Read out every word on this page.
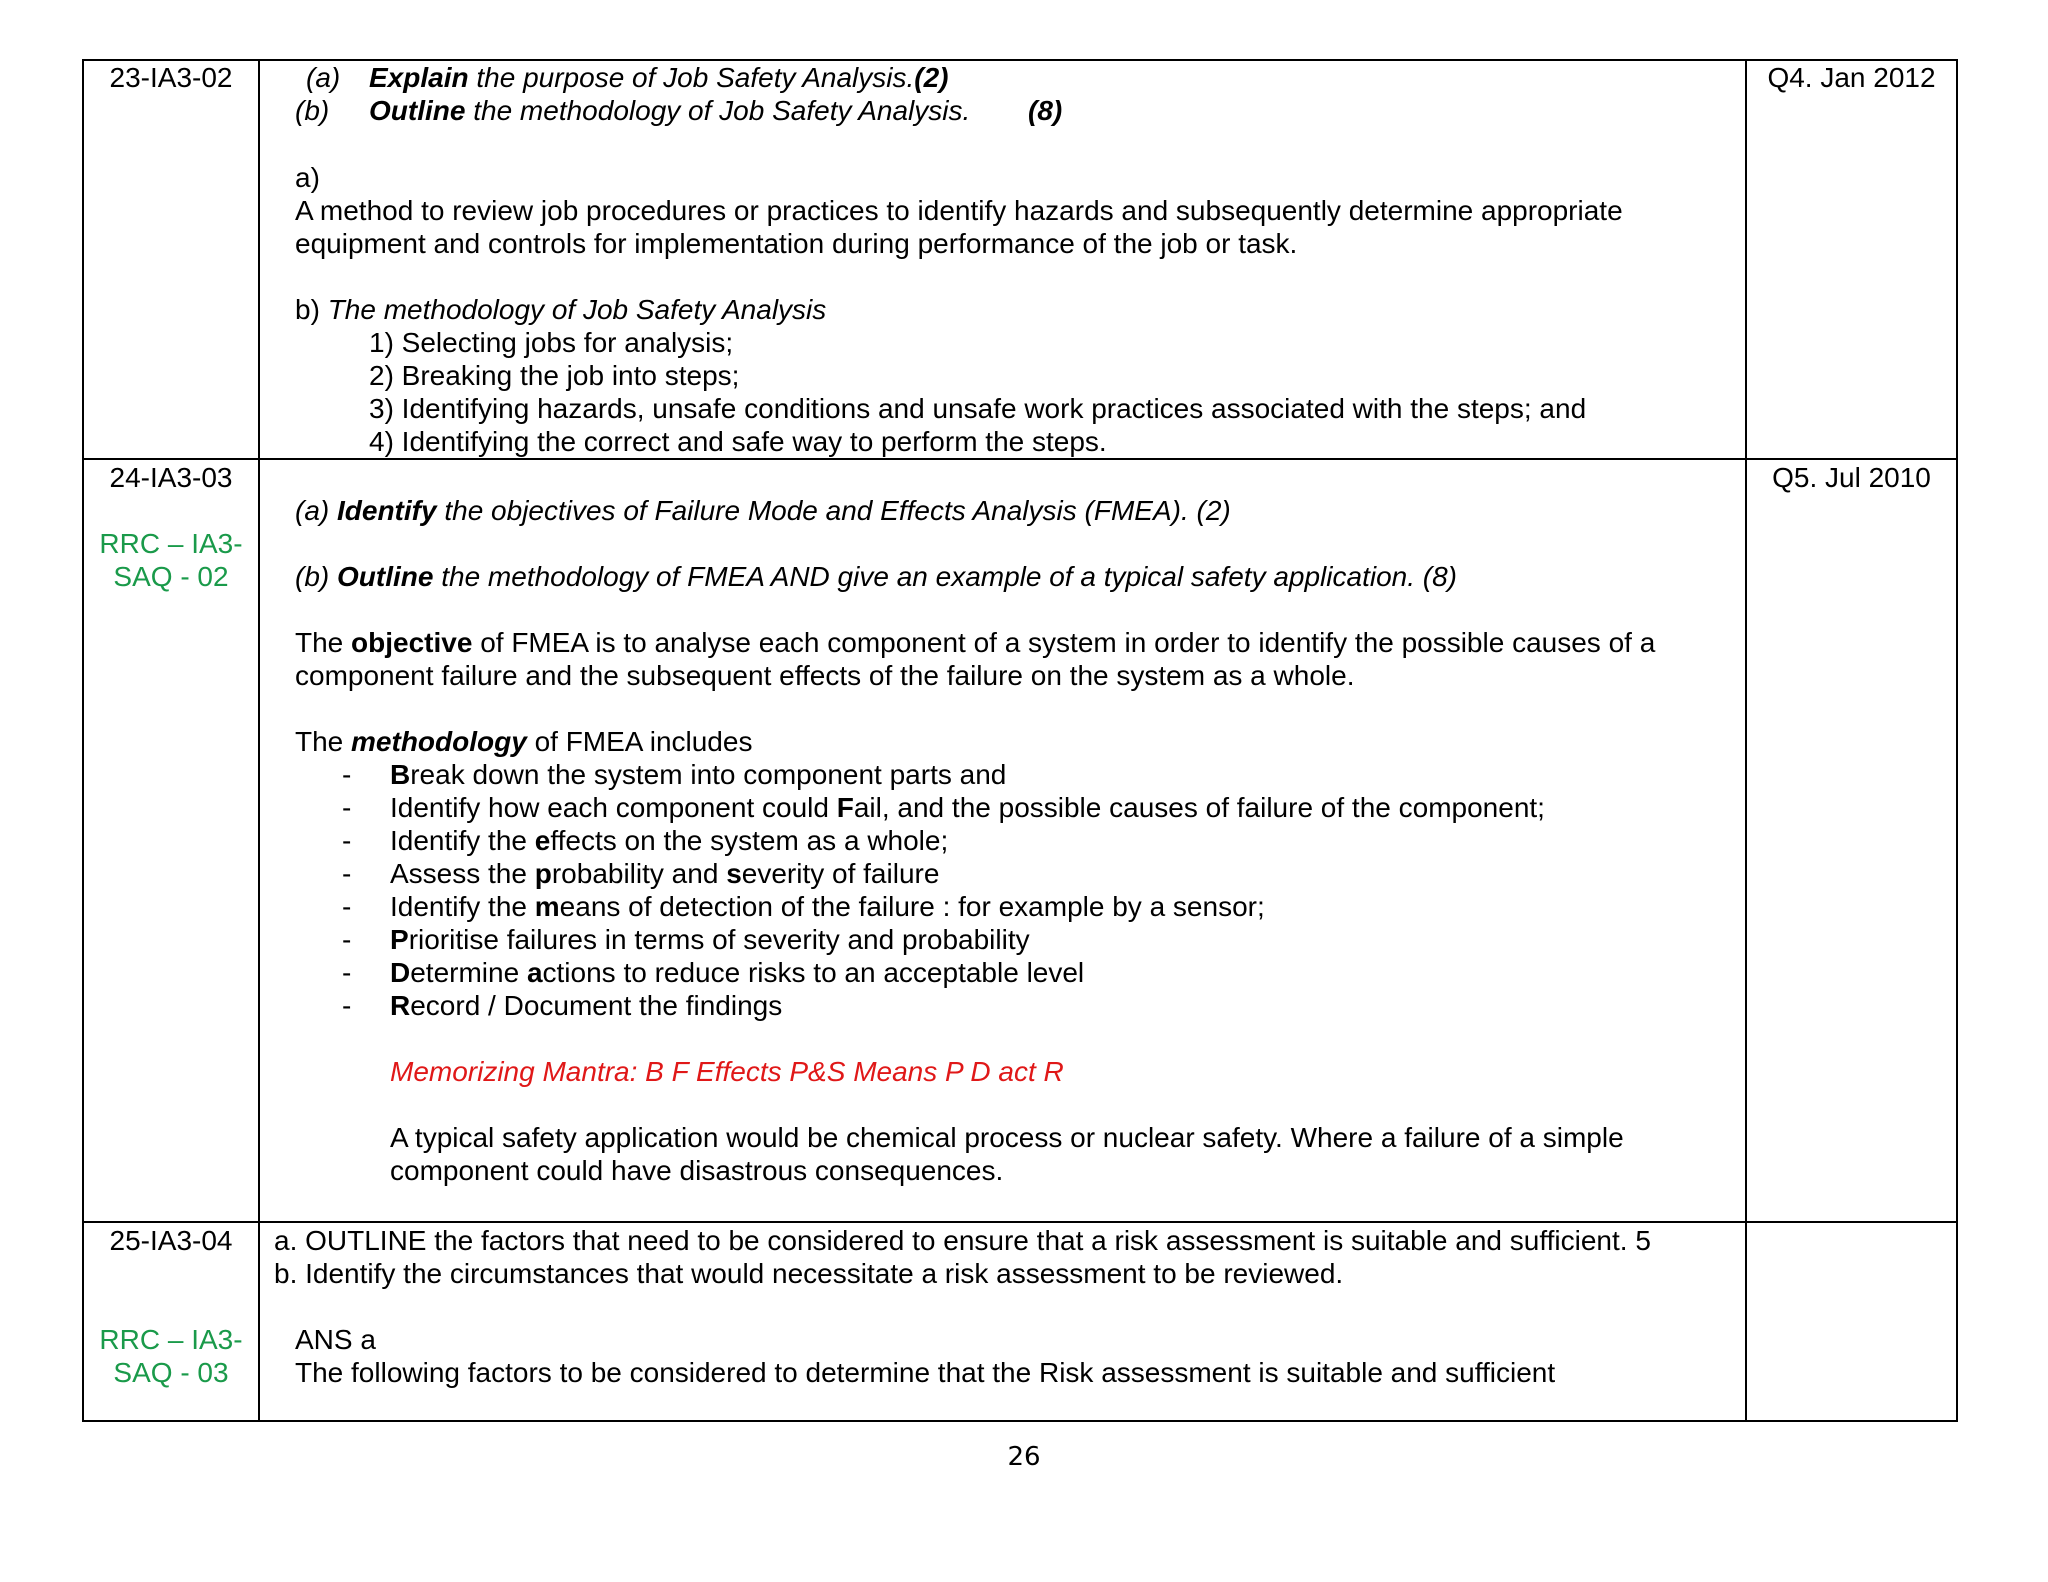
23-IA3-02	Q4. Jan 2012
(a) Explain the purpose of Job Safety Analysis.(2)
(b) Outline the methodology of Job Safety Analysis. (8)
a)
A method to review job procedures or practices to identify hazards and subsequently determine appropriate
equipment and controls for implementation during performance of the job or task.
b) The methodology of Job Safety Analysis
1) Selecting jobs for analysis;
2) Breaking the job into steps;
3) Identifying hazards, unsafe conditions and unsafe work practices associated with the steps; and
4) Identifying the correct and safe way to perform the steps.
24-IA3-03
RRC – IA3-
SAQ - 02
Q5. Jul 2010
(a) Identify the objectives of Failure Mode and Effects Analysis (FMEA). (2)
(b) Outline the methodology of FMEA AND give an example of a typical safety application. (8)
The objective of FMEA is to analyse each component of a system in order to identify the possible causes of a
component failure and the subsequent effects of the failure on the system as a whole.
The methodology of FMEA includes
- Break down the system into component parts and
- Identify how each component could Fail, and the possible causes of failure of the component;
- Identify the effects on the system as a whole;
- Assess the probability and severity of failure
- Identify the means of detection of the failure : for example by a sensor;
- Prioritise failures in terms of severity and probability
- Determine actions to reduce risks to an acceptable level
- Record / Document the findings
Memorizing Mantra: B F Effects P&S Means P D act R
A typical safety application would be chemical process or nuclear safety. Where a failure of a simple
component could have disastrous consequences.
25-IA3-04
RRC – IA3-
SAQ - 03
a. OUTLINE the factors that need to be considered to ensure that a risk assessment is suitable and sufficient. 5
b. Identify the circumstances that would necessitate a risk assessment to be reviewed.
ANS a
The following factors to be considered to determine that the Risk assessment is suitable and sufficient
26
